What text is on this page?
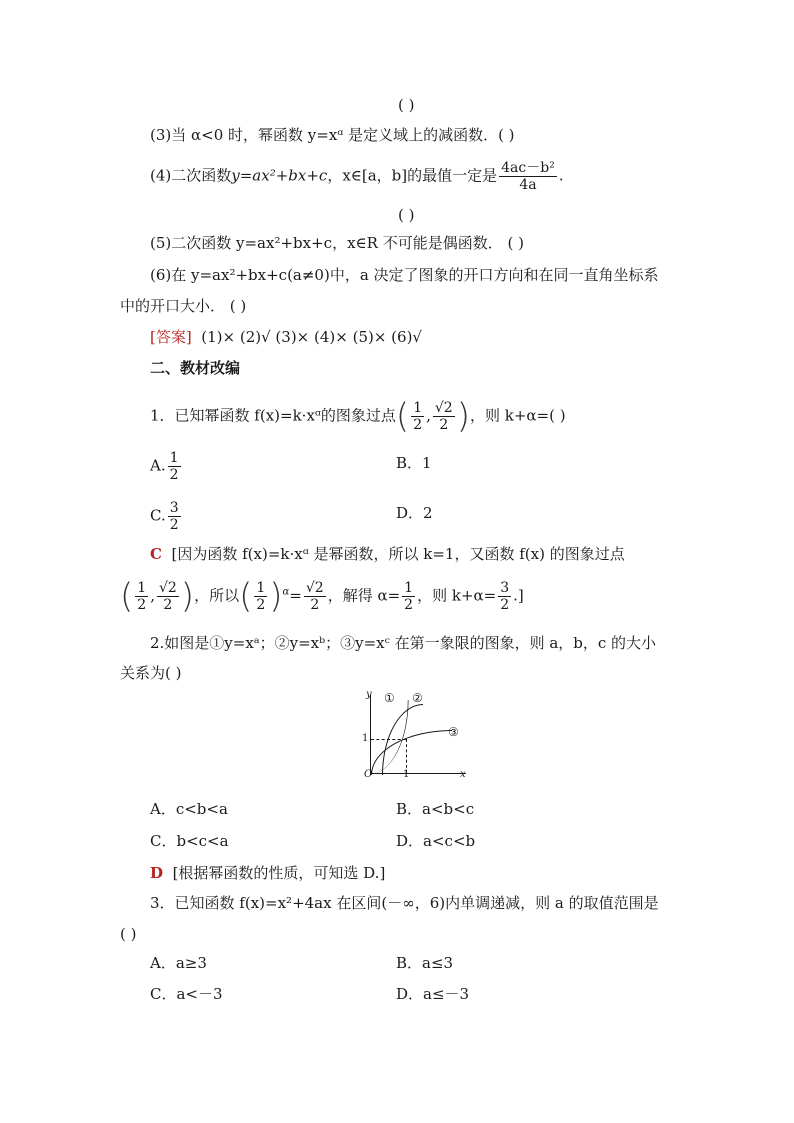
( )
(3)当 α<0 时，幂函数 y=xᵅ 是定义域上的减函数．( )
(4)二次函数y=ax²+bx+c，x∈[a，b]的最值一定是 $\frac{\text{4ac－b²}}{4a}$ .
( )
(5)二次函数 y=ax²+bx+c，x∈R 不可能是偶函数． ( )
(6)在 y=ax²+bx+c(a≠0)中，a 决定了图象的开口方向和在同一直角坐标系
中的开口大小． ( )
[答案] (1)× (2)√ (3)× (4)× (5)× (6)√
二、教材改编
1．已知幂函数 f(x)=k·xᵅ的图象过点( $\frac{1}{2}$ , $\frac{√2}{2}$ )，则 k+α=( )
A. $\frac{1}{2}$	B．1
C. $\frac{3}{2}$	D．2
C [因为函数 f(x)=k·xᵅ 是幂函数，所以 k=1，又函数 f(x) 的图象过点
( $\frac{1}{2}$ , $\frac{√2}{2}$ )，所以( $\frac{1}{2} )^\alpha= \frac{√2}{2}$ ，解得 $\alpha= \frac{1}{2}$ ，则 $k+\alpha= \frac{3}{2}$ .]
2.如图是①y=xᵃ；②y=xᵇ；③y=xᶜ 在第一象限的图象，则 a，b，c 的大小
关系为( )
y
x
O	1
1
① ②
③
A．c<b<a	B．a<b<c
C．b<c<a	D．a<c<b
D [根据幂函数的性质，可知选 D.]
3．已知函数 f(x)=x²+4ax 在区间(－∞，6)内单调递减，则 a 的取值范围是
( )
A．a≥3	B．a≤3
C．a<－3	D．a≤－3
